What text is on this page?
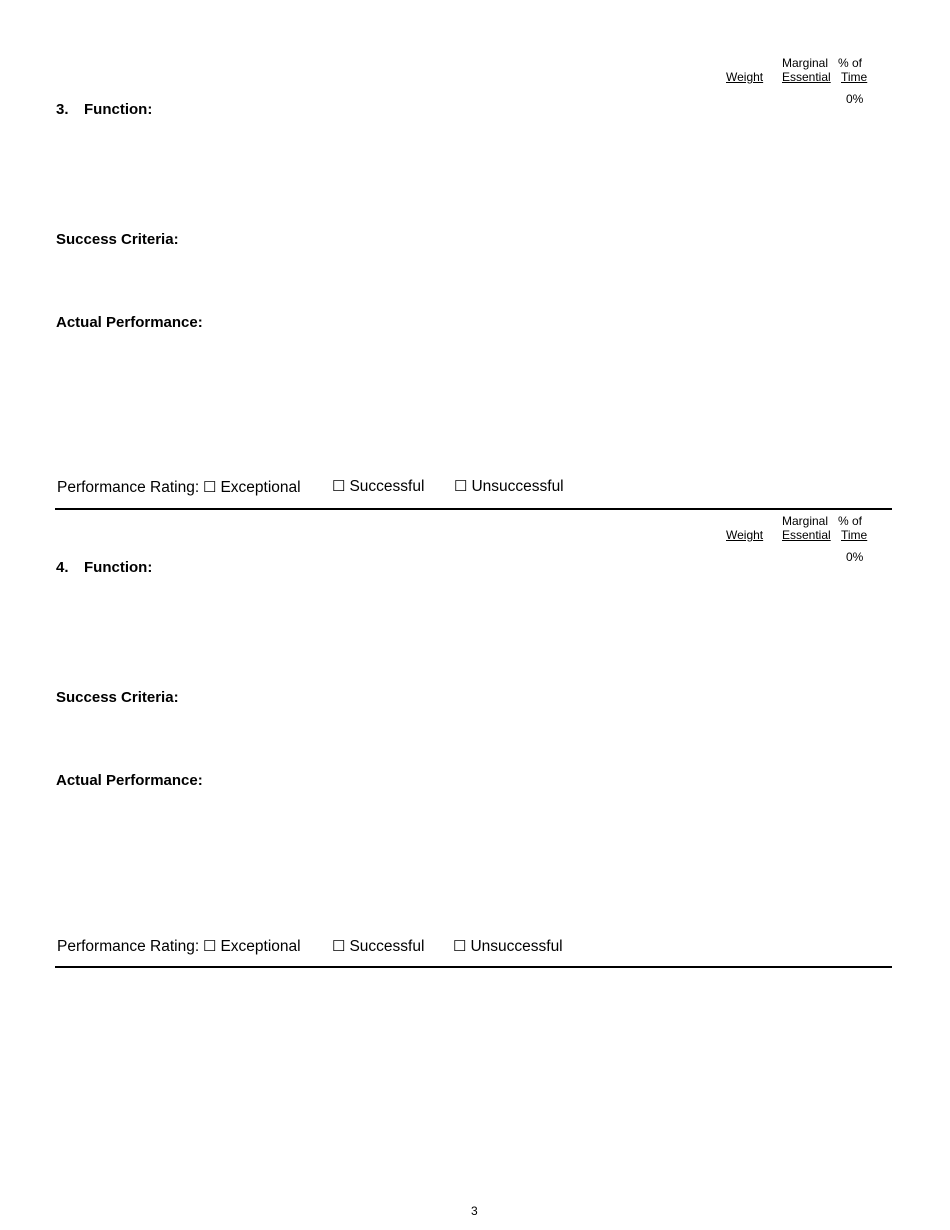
Marginal % of
Weight Essential Time
0%
3. Function:
Success Criteria:
Actual Performance:
Performance Rating: ☐ Exceptional ☐ Successful ☐ Unsuccessful
Marginal % of
Weight Essential Time
0%
4. Function:
Success Criteria:
Actual Performance:
Performance Rating: ☐ Exceptional ☐ Successful ☐ Unsuccessful
3
